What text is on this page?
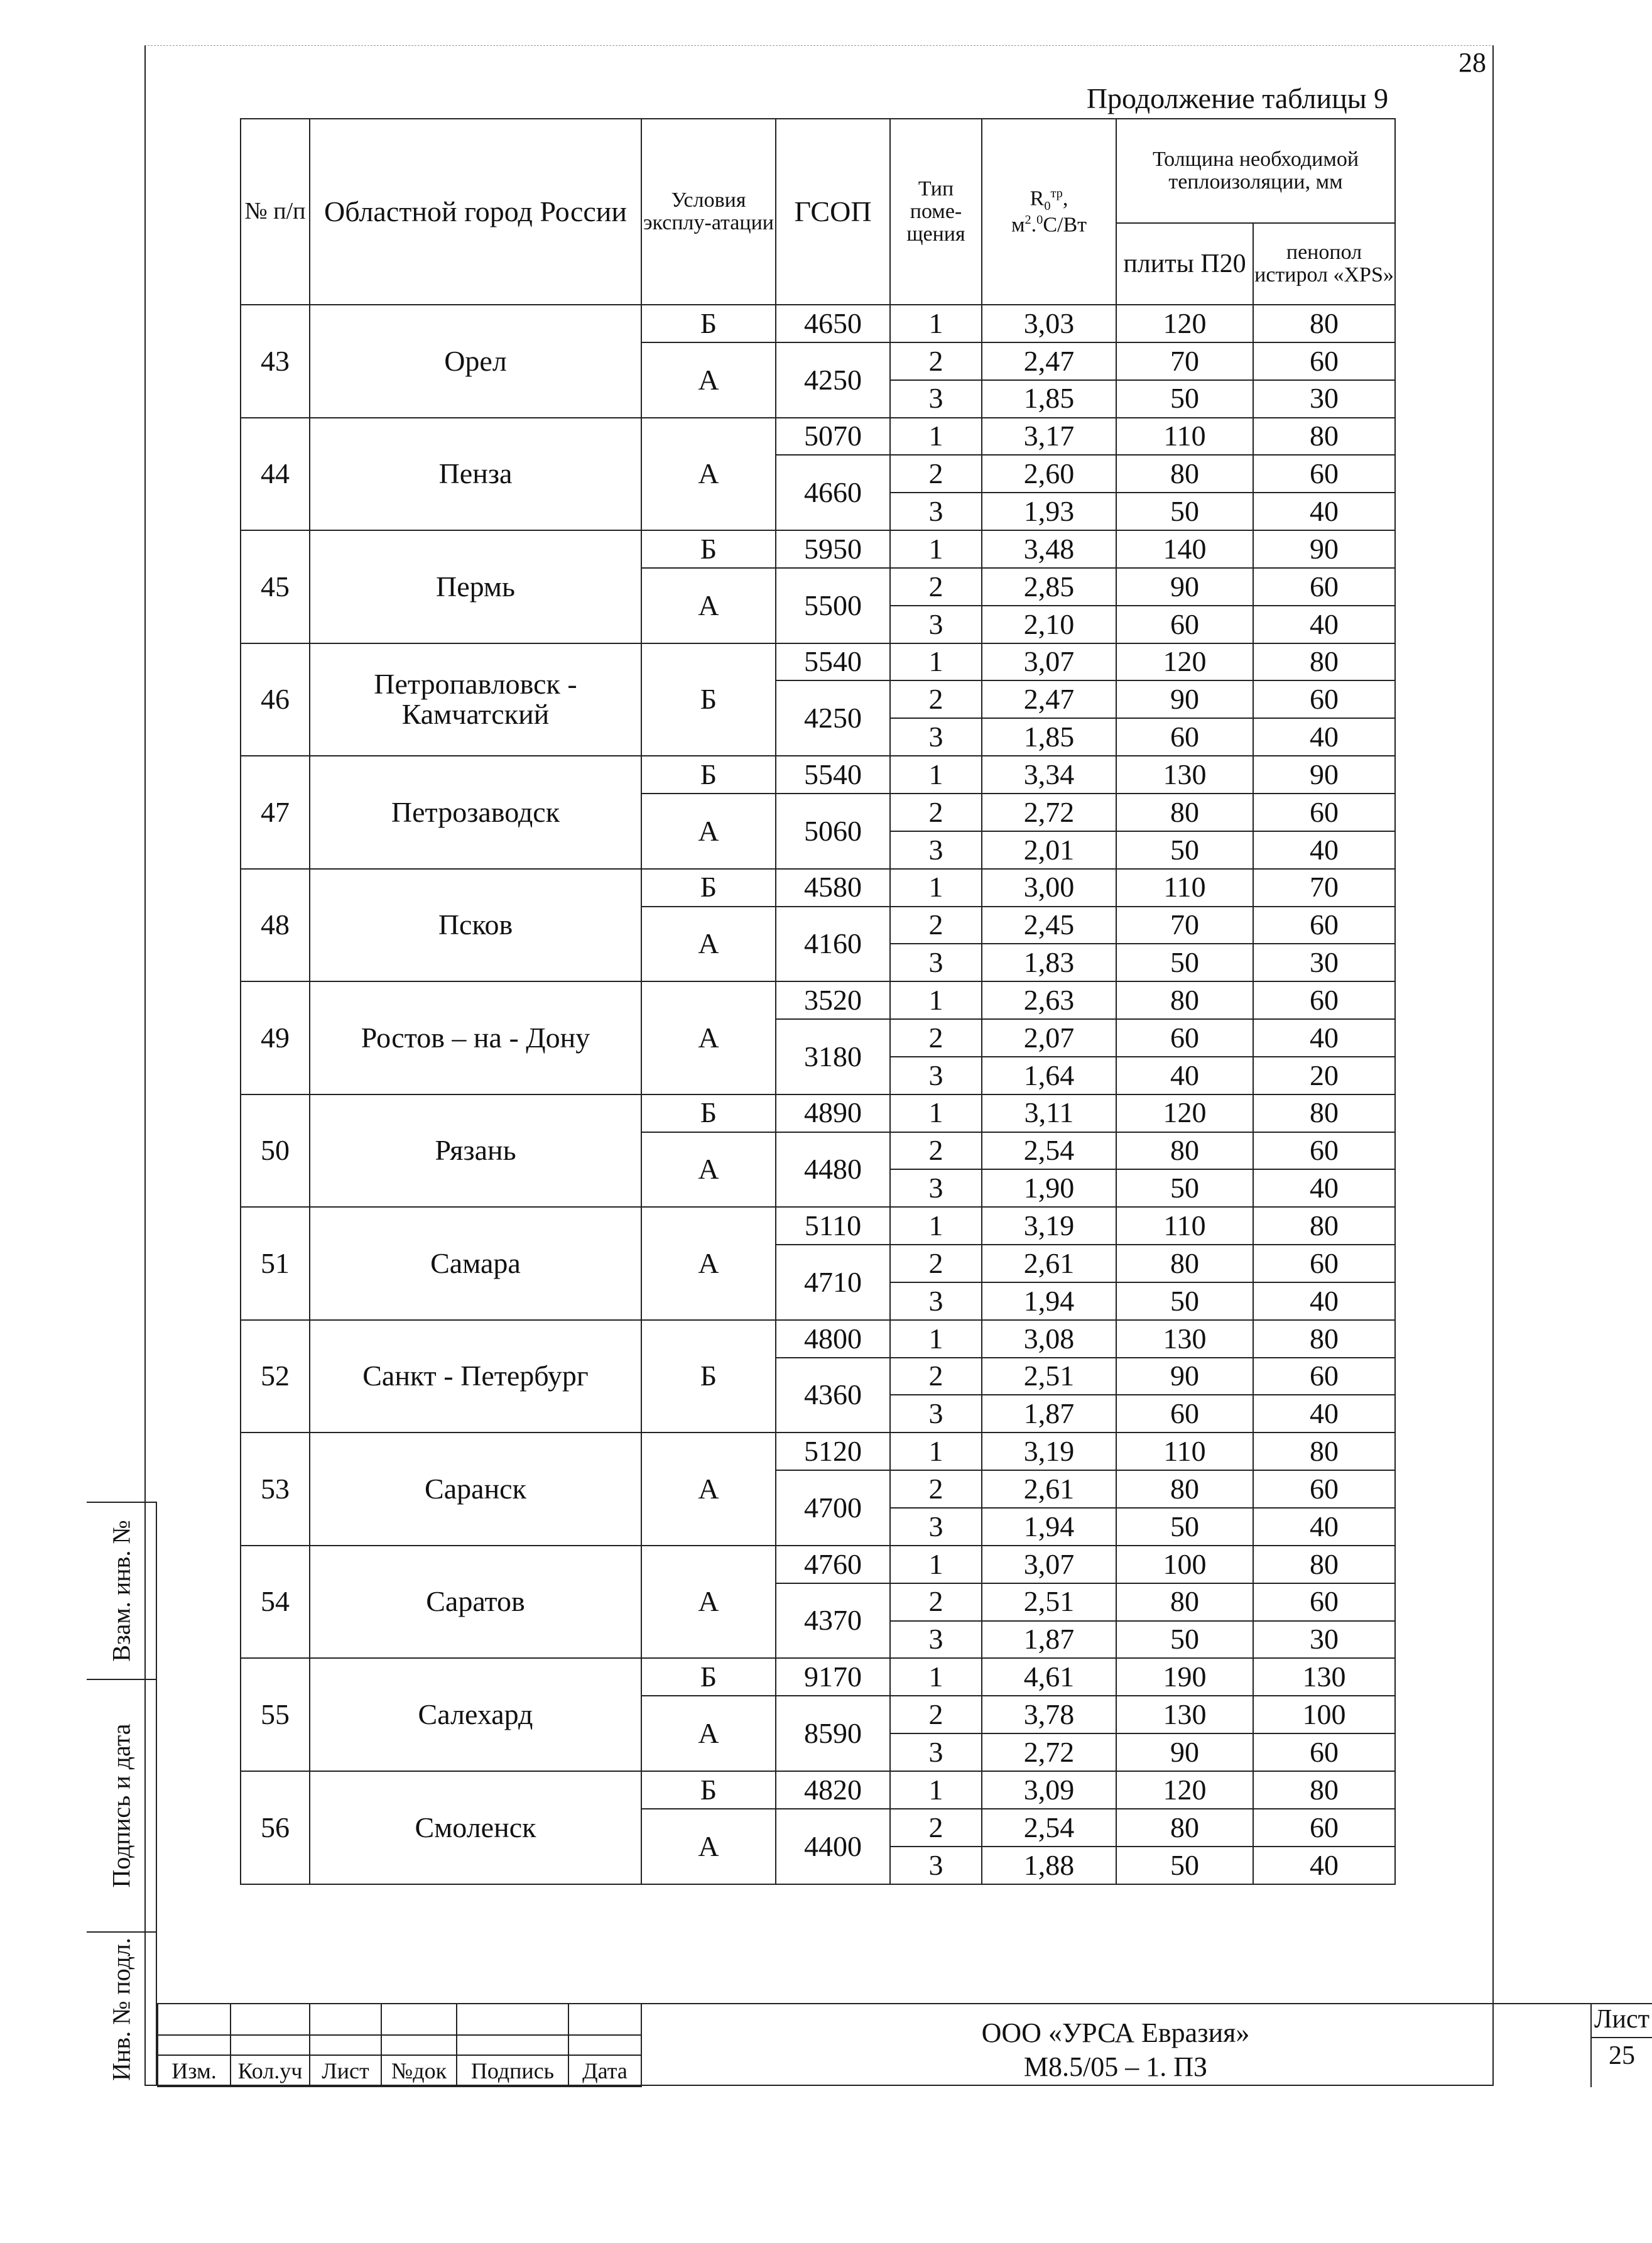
28
Продолжение таблицы 9
№ п/п	Областной город России	Условия эксплу-атации	ГСОП	Тип поме-щения	$R_0^{тр}$,
$м^2.^0С/Вт$	Толщина необходимой теплоизоляции, мм	
						плиты П20	пенопол истирол «XPS»
43	Орел	Б	4650	1	3,03	120	80
		А	4250	2	2,47	70	60
				3	1,85	50	30
44	Пенза	А	5070	1	3,17	110	80
			4660	2	2,60	80	60
				3	1,93	50	40
45	Пермь	Б	5950	1	3,48	140	90
		А	5500	2	2,85	90	60
				3	2,10	60	40
46	Петропавловск - Камчатский	Б	5540	1	3,07	120	80
			4250	2	2,47	90	60
				3	1,85	60	40
47	Петрозаводск	Б	5540	1	3,34	130	90
		А	5060	2	2,72	80	60
				3	2,01	50	40
48	Псков	Б	4580	1	3,00	110	70
		А	4160	2	2,45	70	60
				3	1,83	50	30
49	Ростов – на - Дону	А	3520	1	2,63	80	60
			3180	2	2,07	60	40
				3	1,64	40	20
50	Рязань	Б	4890	1	3,11	120	80
		А	4480	2	2,54	80	60
				3	1,90	50	40
51	Самара	А	5110	1	3,19	110	80
			4710	2	2,61	80	60
				3	1,94	50	40
52	Санкт - Петербург	Б	4800	1	3,08	130	80
			4360	2	2,51	90	60
				3	1,87	60	40
53	Саранск	А	5120	1	3,19	110	80
			4700	2	2,61	80	60
				3	1,94	50	40
54	Саратов	А	4760	1	3,07	100	80
			4370	2	2,51	80	60
				3	1,87	50	30
55	Салехард	Б	9170	1	4,61	190	130
		А	8590	2	3,78	130	100
				3	2,72	90	60
56	Смоленск	Б	4820	1	3,09	120	80
		А	4400	2	2,54	80	60
				3	1,88	50	40
Взам. инв. №
Подпись и дата
Инв. № подл.

					Изм.	Кол.уч	Лист	№док	Подпись	Дата
ООО «УРСА Евразия»
М8.5/05 – 1. ПЗ
Лист
25
